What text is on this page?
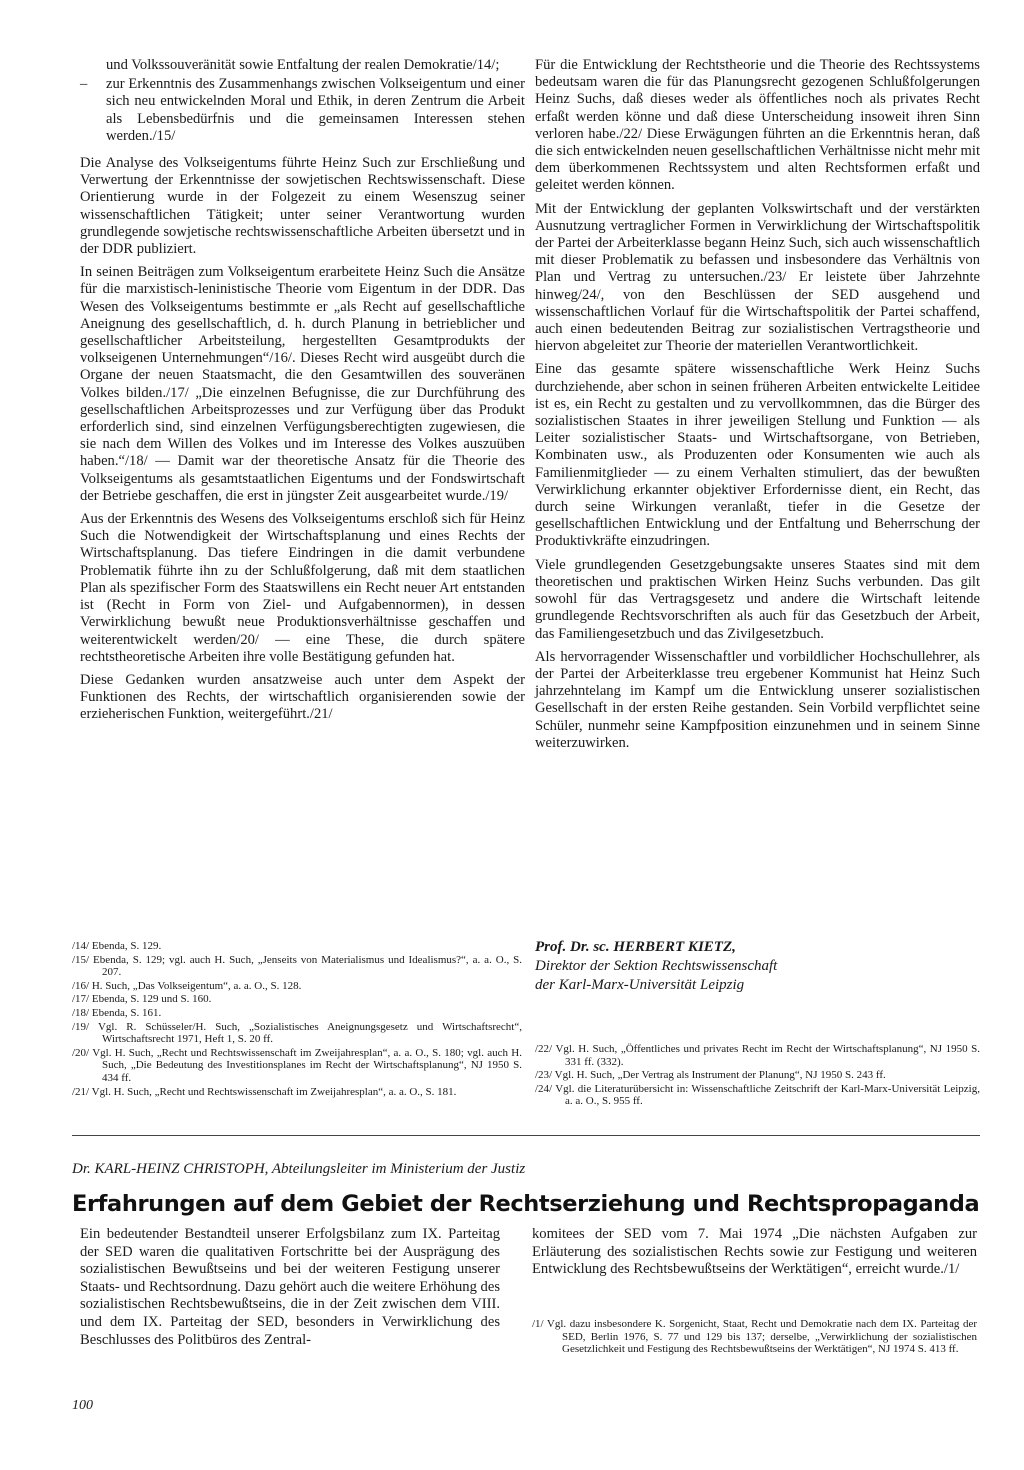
und Volkssouveränität sowie Entfaltung der realen Demokratie/14/;

– zur Erkenntnis des Zusammenhangs zwischen Volkseigentum und einer sich neu entwickelnden Moral und Ethik, in deren Zentrum die Arbeit als Lebensbedürfnis und die gemeinsamen Interessen stehen werden./15/

Die Analyse des Volkseigentums führte Heinz Such zur Erschließung und Verwertung der Erkenntnisse der sowjetischen Rechtswissenschaft. Diese Orientierung wurde in der Folgezeit zu einem Wesenszug seiner wissenschaftlichen Tätigkeit; unter seiner Verantwortung wurden grundlegende sowjetische rechtswissenschaftliche Arbeiten übersetzt und in der DDR publiziert.

In seinen Beiträgen zum Volkseigentum erarbeitete Heinz Such die Ansätze für die marxistisch-leninistische Theorie vom Eigentum in der DDR. Das Wesen des Volkseigentums bestimmte er „als Recht auf gesellschaftliche Aneignung des gesellschaftlich, d. h. durch Planung in betrieblicher und gesellschaftlicher Arbeitsteilung, hergestellten Gesamtprodukts der volkseigenen Unternehmungen“/16/. Dieses Recht wird ausgeübt durch die Organe der neuen Staatsmacht, die den Gesamtwillen des souveränen Volkes bilden./17/ „Die einzelnen Befugnisse, die zur Durchführung des gesellschaftlichen Arbeitsprozesses und zur Verfügung über das Produkt erforderlich sind, sind einzelnen Verfügungsberechtigten zugewiesen, die sie nach dem Willen des Volkes und im Interesse des Volkes auszuüben haben.“/18/ — Damit war der theoretische Ansatz für die Theorie des Volkseigentums als gesamtstaatlichen Eigentums und der Fondswirtschaft der Betriebe geschaffen, die erst in jüngster Zeit ausgearbeitet wurde./19/

Aus der Erkenntnis des Wesens des Volkseigentums erschloß sich für Heinz Such die Notwendigkeit der Wirtschaftsplanung und eines Rechts der Wirtschaftsplanung. Das tiefere Eindringen in die damit verbundene Problematik führte ihn zu der Schlußfolgerung, daß mit dem staatlichen Plan als spezifischer Form des Staatswillens ein Recht neuer Art entstanden ist (Recht in Form von Ziel- und Aufgabennormen), in dessen Verwirklichung bewußt neue Produktionsverhältnisse geschaffen und weiterentwickelt werden/20/ — eine These, die durch spätere rechtstheoretische Arbeiten ihre volle Bestätigung gefunden hat.

Diese Gedanken wurden ansatzweise auch unter dem Aspekt der Funktionen des Rechts, der wirtschaftlich organisierenden sowie der erzieherischen Funktion, weitergeführt./21/

Für die Entwicklung der Rechtstheorie und die Theorie des Rechtssystems bedeutsam waren die für das Planungsrecht gezogenen Schlußfolgerungen Heinz Suchs, daß dieses weder als öffentliches noch als privates Recht erfaßt werden könne und daß diese Unterscheidung insoweit ihren Sinn verloren habe./22/ Diese Erwägungen führten an die Erkenntnis heran, daß die sich entwickelnden neuen gesellschaftlichen Verhältnisse nicht mehr mit dem überkommenen Rechtssystem und alten Rechtsformen erfaßt und geleitet werden können.

Mit der Entwicklung der geplanten Volkswirtschaft und der verstärkten Ausnutzung vertraglicher Formen in Verwirklichung der Wirtschaftspolitik der Partei der Arbeiterklasse begann Heinz Such, sich auch wissenschaftlich mit dieser Problematik zu befassen und insbesondere das Verhältnis von Plan und Vertrag zu untersuchen./23/ Er leistete über Jahrzehnte hinweg/24/, von den Beschlüssen der SED ausgehend und wissenschaftlichen Vorlauf für die Wirtschaftspolitik der Partei schaffend, auch einen bedeutenden Beitrag zur sozialistischen Vertragstheorie und hiervon abgeleitet zur Theorie der materiellen Verantwortlichkeit.

Eine das gesamte spätere wissenschaftliche Werk Heinz Suchs durchziehende, aber schon in seinen früheren Arbeiten entwickelte Leitidee ist es, ein Recht zu gestalten und zu vervollkommnen, das die Bürger des sozialistischen Staates in ihrer jeweiligen Stellung und Funktion — als Leiter sozialistischer Staats- und Wirtschaftsorgane, von Betrieben, Kombinaten usw., als Produzenten oder Konsumenten wie auch als Familienmitglieder — zu einem Verhalten stimuliert, das der bewußten Verwirklichung erkannter objektiver Erfordernisse dient, ein Recht, das durch seine Wirkungen veranlaßt, tiefer in die Gesetze der gesellschaftlichen Entwicklung und der Entfaltung und Beherrschung der Produktivkräfte einzudringen.

Viele grundlegenden Gesetzgebungsakte unseres Staates sind mit dem theoretischen und praktischen Wirken Heinz Suchs verbunden. Das gilt sowohl für das Vertragsgesetz und andere die Wirtschaft leitende grundlegende Rechtsvorschriften als auch für das Gesetzbuch der Arbeit, das Familiengesetzbuch und das Zivilgesetzbuch.

Als hervorragender Wissenschaftler und vorbildlicher Hochschullehrer, als der Partei der Arbeiterklasse treu ergebener Kommunist hat Heinz Such jahrzehntelang im Kampf um die Entwicklung unserer sozialistischen Gesellschaft in der ersten Reihe gestanden. Sein Vorbild verpflichtet seine Schüler, nunmehr seine Kampfposition einzunehmen und in seinem Sinne weiterzuwirken.

Prof. Dr. sc. HERBERT KIETZ,
Direktor der Sektion Rechtswissenschaft
der Karl-Marx-Universität Leipzig

/14/ Ebenda, S. 129.

/15/ Ebenda, S. 129; vgl. auch H. Such, „Jenseits von Materialismus und Idealismus?“, a. a. O., S. 207.

/16/ H. Such, „Das Volkseigentum“, a. a. O., S. 128.

/17/ Ebenda, S. 129 und S. 160.

/18/ Ebenda, S. 161.

/19/ Vgl. R. Schüsseler/H. Such, „Sozialistisches Aneignungsgesetz und Wirtschaftsrecht“, Wirtschaftsrecht 1971, Heft 1, S. 20 ff.

/20/ Vgl. H. Such, „Recht und Rechtswissenschaft im Zweijahresplan“, a. a. O., S. 180; vgl. auch H. Such, „Die Bedeutung des Investitionsplanes im Recht der Wirtschaftsplanung“, NJ 1950 S. 434 ff.

/21/ Vgl. H. Such, „Recht und Rechtswissenschaft im Zweijahresplan“, a. a. O., S. 181.

/22/ Vgl. H. Such, „Öffentliches und privates Recht im Recht der Wirtschaftsplanung“, NJ 1950 S. 331 ff. (332).

/23/ Vgl. H. Such, „Der Vertrag als Instrument der Planung“, NJ 1950 S. 243 ff.

/24/ Vgl. die Literaturübersicht in: Wissenschaftliche Zeitschrift der Karl-Marx-Universität Leipzig, a. a. O., S. 955 ff.

Dr. KARL-HEINZ CHRISTOPH, Abteilungsleiter im Ministerium der Justiz
Erfahrungen auf dem Gebiet der Rechtserziehung und Rechtspropaganda

Ein bedeutender Bestandteil unserer Erfolgsbilanz zum IX. Parteitag der SED waren die qualitativen Fortschritte bei der Ausprägung des sozialistischen Bewußtseins und bei der weiteren Festigung unserer Staats- und Rechtsordnung. Dazu gehört auch die weitere Erhöhung des sozialistischen Rechtsbewußtseins, die in der Zeit zwischen dem VIII. und dem IX. Parteitag der SED, besonders in Verwirklichung des Beschlusses des Politbüros des Zentral-

komitees der SED vom 7. Mai 1974 „Die nächsten Aufgaben zur Erläuterung des sozialistischen Rechts sowie zur Festigung und weiteren Entwicklung des Rechtsbewußtseins der Werktätigen“, erreicht wurde./1/

/1/ Vgl. dazu insbesondere K. Sorgenicht, Staat, Recht und Demokratie nach dem IX. Parteitag der SED, Berlin 1976, S. 77 und 129 bis 137; derselbe, „Verwirklichung der sozialistischen Gesetzlichkeit und Festigung des Rechtsbewußtseins der Werktätigen“, NJ 1974 S. 413 ff.

100
